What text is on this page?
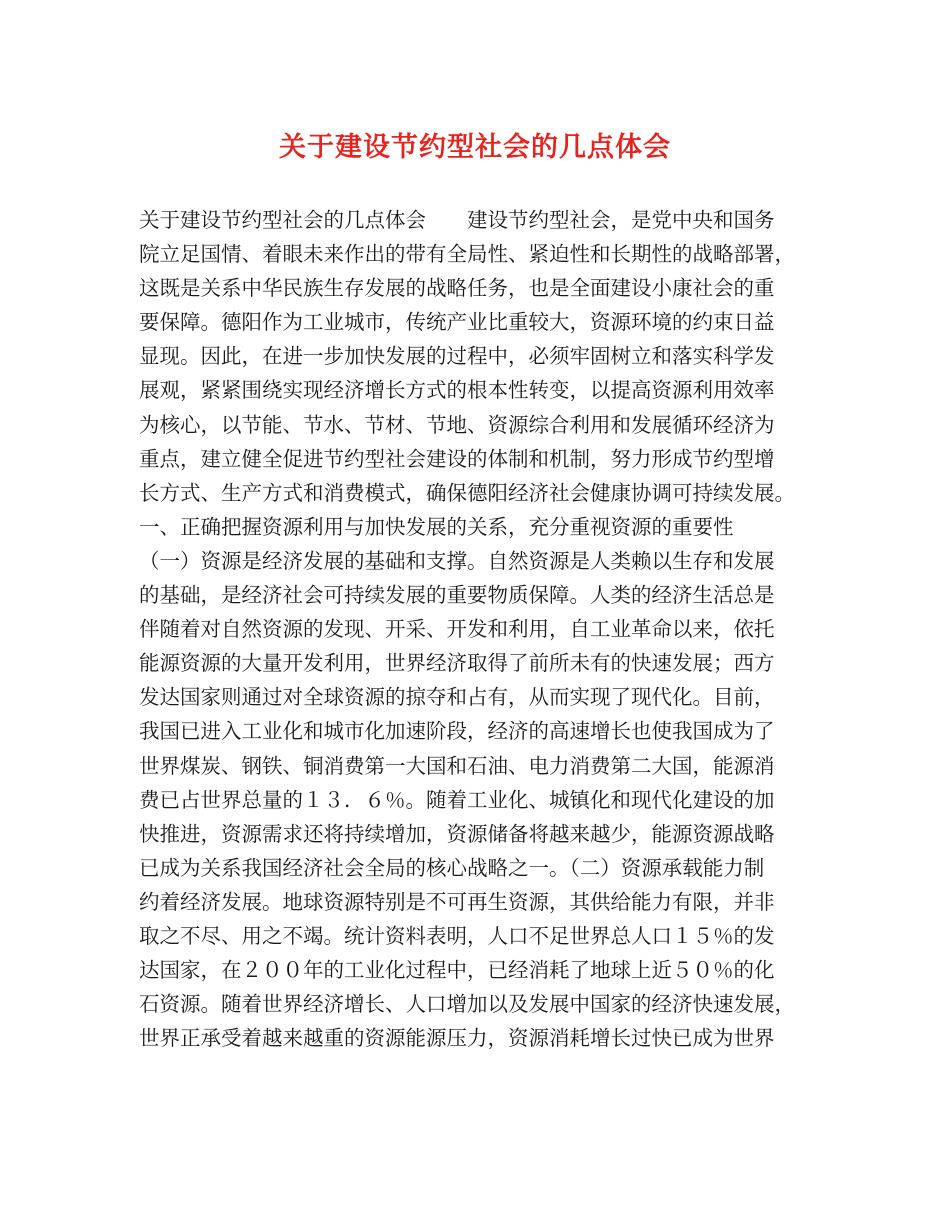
关于建设节约型社会的几点体会
关于建设节约型社会的几点体会　　建设节约型社会，是党中央和国务
院立足国情、着眼未来作出的带有全局性、紧迫性和长期性的战略部署，
这既是关系中华民族生存发展的战略任务，也是全面建设小康社会的重
要保障。德阳作为工业城市，传统产业比重较大，资源环境的约束日益
显现。因此，在进一步加快发展的过程中，必须牢固树立和落实科学发
展观，紧紧围绕实现经济增长方式的根本性转变，以提高资源利用效率
为核心，以节能、节水、节材、节地、资源综合利用和发展循环经济为
重点，建立健全促进节约型社会建设的体制和机制，努力形成节约型增
长方式、生产方式和消费模式，确保德阳经济社会健康协调可持续发展。
一、正确把握资源利用与加快发展的关系，充分重视资源的重要性
（一）资源是经济发展的基础和支撑。自然资源是人类赖以生存和发展
的基础，是经济社会可持续发展的重要物质保障。人类的经济生活总是
伴随着对自然资源的发现、开采、开发和利用，自工业革命以来，依托
能源资源的大量开发利用，世界经济取得了前所未有的快速发展；西方
发达国家则通过对全球资源的掠夺和占有，从而实现了现代化。目前，
我国已进入工业化和城市化加速阶段，经济的高速增长也使我国成为了
世界煤炭、钢铁、铜消费第一大国和石油、电力消费第二大国，能源消
费已占世界总量的１３．６％。随着工业化、城镇化和现代化建设的加
快推进，资源需求还将持续增加，资源储备将越来越少，能源资源战略
已成为关系我国经济社会全局的核心战略之一。（二）资源承载能力制
约着经济发展。地球资源特别是不可再生资源，其供给能力有限，并非
取之不尽、用之不竭。统计资料表明，人口不足世界总人口１５％的发
达国家，在２００年的工业化过程中，已经消耗了地球上近５０％的化
石资源。随着世界经济增长、人口增加以及发展中国家的经济快速发展，
世界正承受着越来越重的资源能源压力，资源消耗增长过快已成为世界
